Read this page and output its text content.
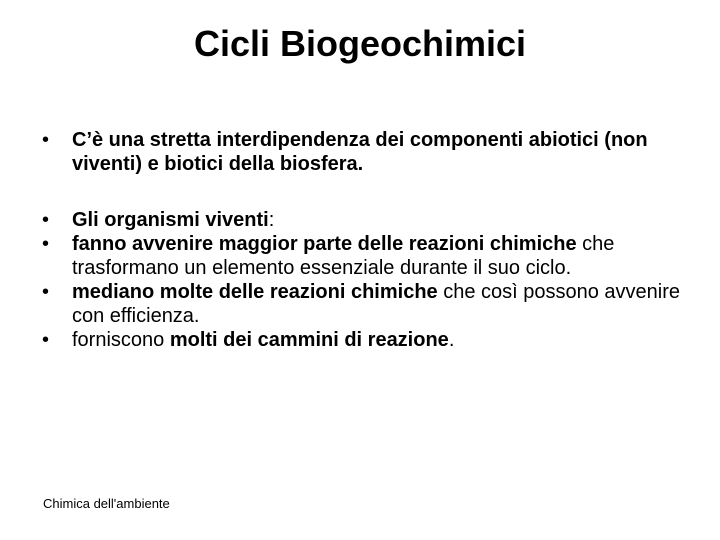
Cicli Biogeochimici
• C’è una stretta interdipendenza dei componenti abiotici (non viventi) e biotici della biosfera.
• Gli organismi viventi:
• fanno avvenire maggior parte delle reazioni chimiche che trasformano un elemento essenziale durante il suo ciclo.
• mediano molte delle reazioni chimiche che così possono avvenire con efficienza.
• forniscono molti dei cammini di reazione.

Chimica dell'ambiente
